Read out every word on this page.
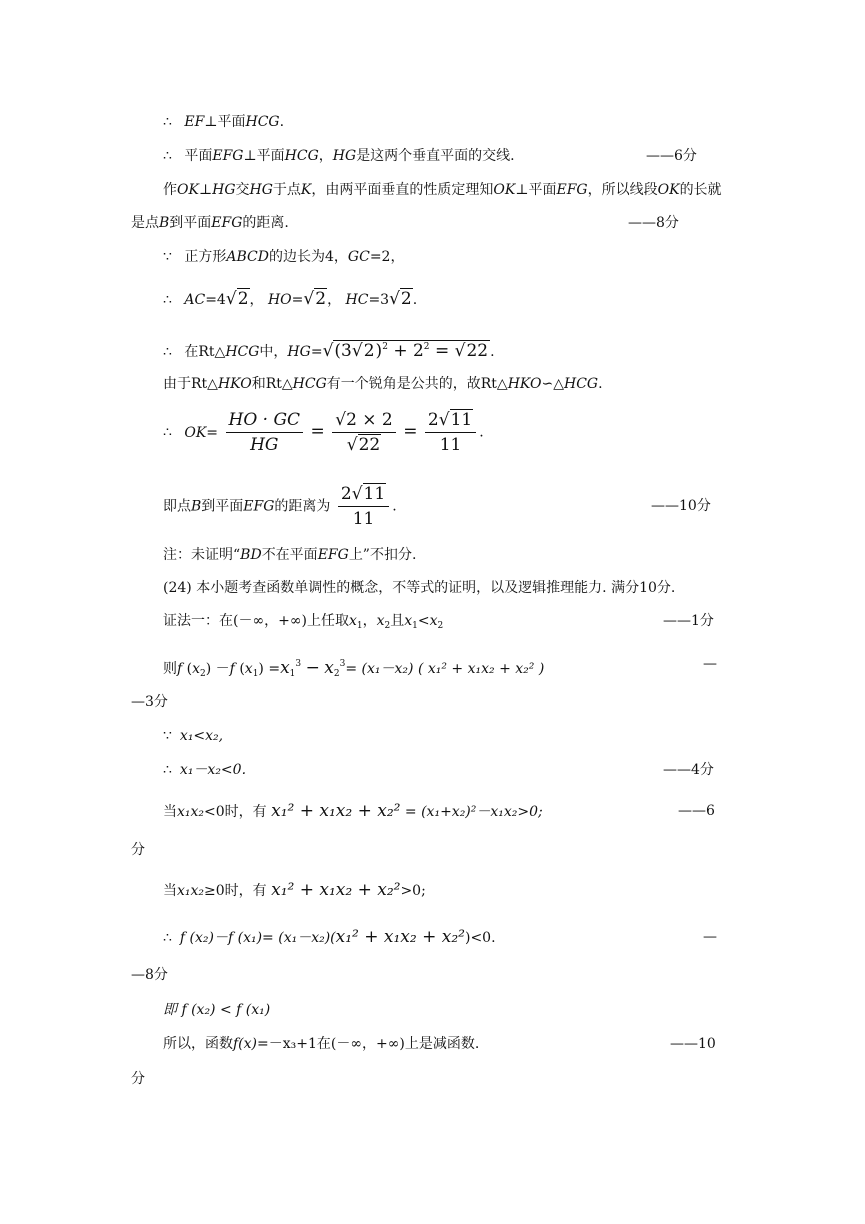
∴ EF⊥平面HCG.
∴ 平面EFG⊥平面HCG，HG是这两个垂直平面的交线.	——6分
作OK⊥HG交HG于点K，由两平面垂直的性质定理知OK⊥平面EFG，所以线段OK的长就
是点B到平面EFG的距离.	——8分
∵ 正方形ABCD的边长为4，GC=2，
∴ AC=4√2， HO=√2， HC=3√2.
∴ 在Rt△HCG中，$HG=√(3√2)^2 + 2^2 = √22$ .
由于Rt△HKO和Rt△HCG有一个锐角是公共的，故Rt△HKO∽△HCG.
∴ $OK= \frac{HO \cdot GC}{HG} = \frac{√2 \times 2}{√22} = \frac{2√11}{11}$ .
即点B到平面EFG的距离为 $\frac{2√11}{11}$ .	——10分
注：未证明“BD不在平面EFG上”不扣分.
(24) 本小题考查函数单调性的概念，不等式的证明，以及逻辑推理能力. 满分10分.
证法一：在(－∞，+∞)上任取$x_1$，$x_2$且$x_1<x_2$	——1分
则f $(x_2) -f$ $(x_1) =x_1^3 - x_2^3= (x_1-x_2)$ ( x₁² + x₁x₂ + x₂² )	—
—3分
∵ x₁<x₂,
∴ x₁－x₂<0.	——4分
当x₁x₂<0时，有 x₁² + x₁x₂ + x₂² = (x₁+x₂)²－x₁x₂>0;	——6
分
当x₁x₂≥0时，有 x₁² + x₁x₂ + x₂²>0;
∴ f (x₂)－f (x₁)= (x₁－x₂)(x₁² + x₁x₂ + x₂²)<0.	—
—8分
即 f (x₂) < f (x₁)
所以，函数f(x)=－x₃+1在(－∞，+∞)上是减函数.	——10
分
